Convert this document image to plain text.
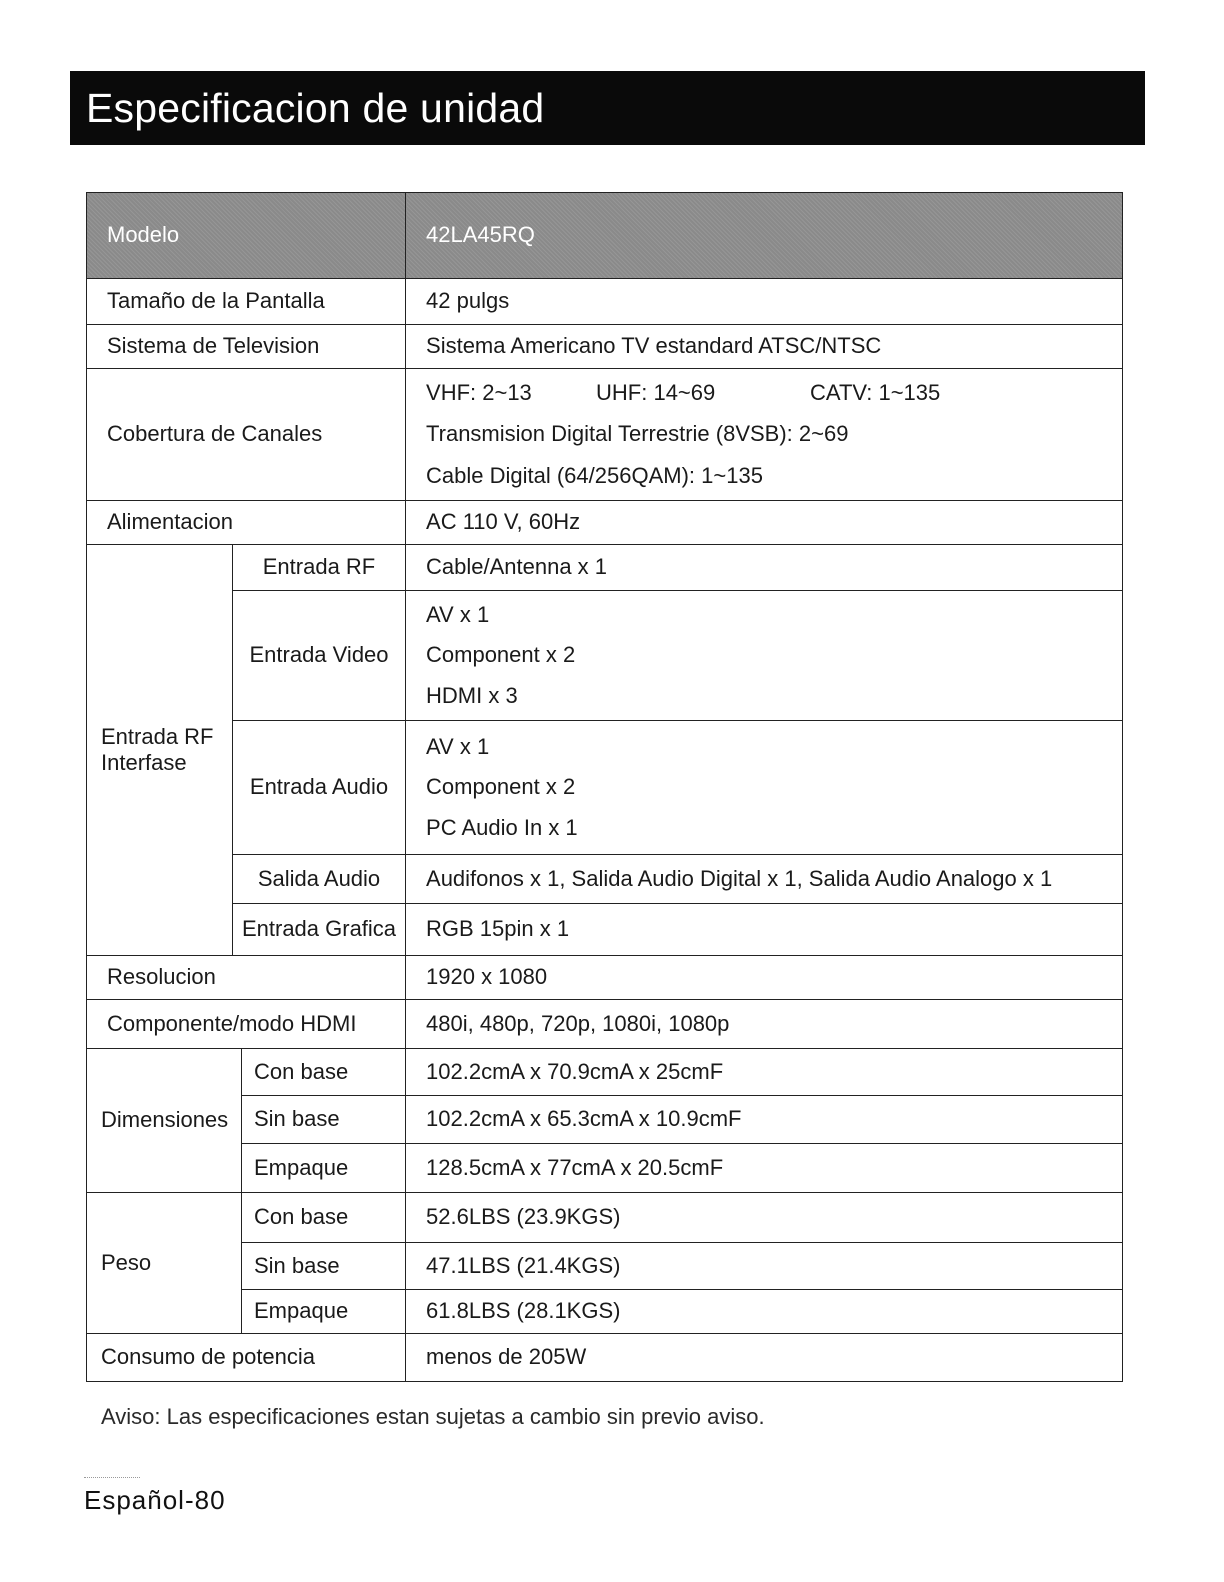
Especificacion de unidad
Modelo			42LA45RQ
Tamaño de la Pantalla			42 pulgs
Sistema de Television			Sistema Americano TV estandard ATSC/NTSC
Cobertura de Canales			VHF: 2~13 UHF: 14~69 CATV: 1~135
Transmision Digital Terrestrie (8VSB): 2~69
Cable Digital (64/256QAM): 1~135

Alimentacion			AC 110 V, 60Hz

Entrada RF
Interfase	Entrada RF		Cable/Antenna x 1
	Entrada Video		AV x 1
Component x 2
HDMI x 3

	Entrada Audio		AV x 1
Component x 2
PC Audio In x 1

	Salida Audio		Audifonos x 1, Salida Audio Digital x 1, Salida Audio Analogo x 1
	Entrada Grafica		RGB 15pin x 1
Resolucion			1920 x 1080
Componente/modo HDMI			480i, 480p, 720p, 1080i, 1080p
Dimensiones		Con base	102.2cmA x 70.9cmA x 25cmF
		Sin base	102.2cmA x 65.3cmA x 10.9cmF
		Empaque	128.5cmA x 77cmA x 20.5cmF
Peso		Con base	52.6LBS (23.9KGS)
		Sin base	47.1LBS (21.4KGS)
		Empaque	61.8LBS (28.1KGS)
Consumo de potencia			menos de 205W
Aviso: Las especificaciones estan sujetas a cambio sin previo aviso.
Español-80
